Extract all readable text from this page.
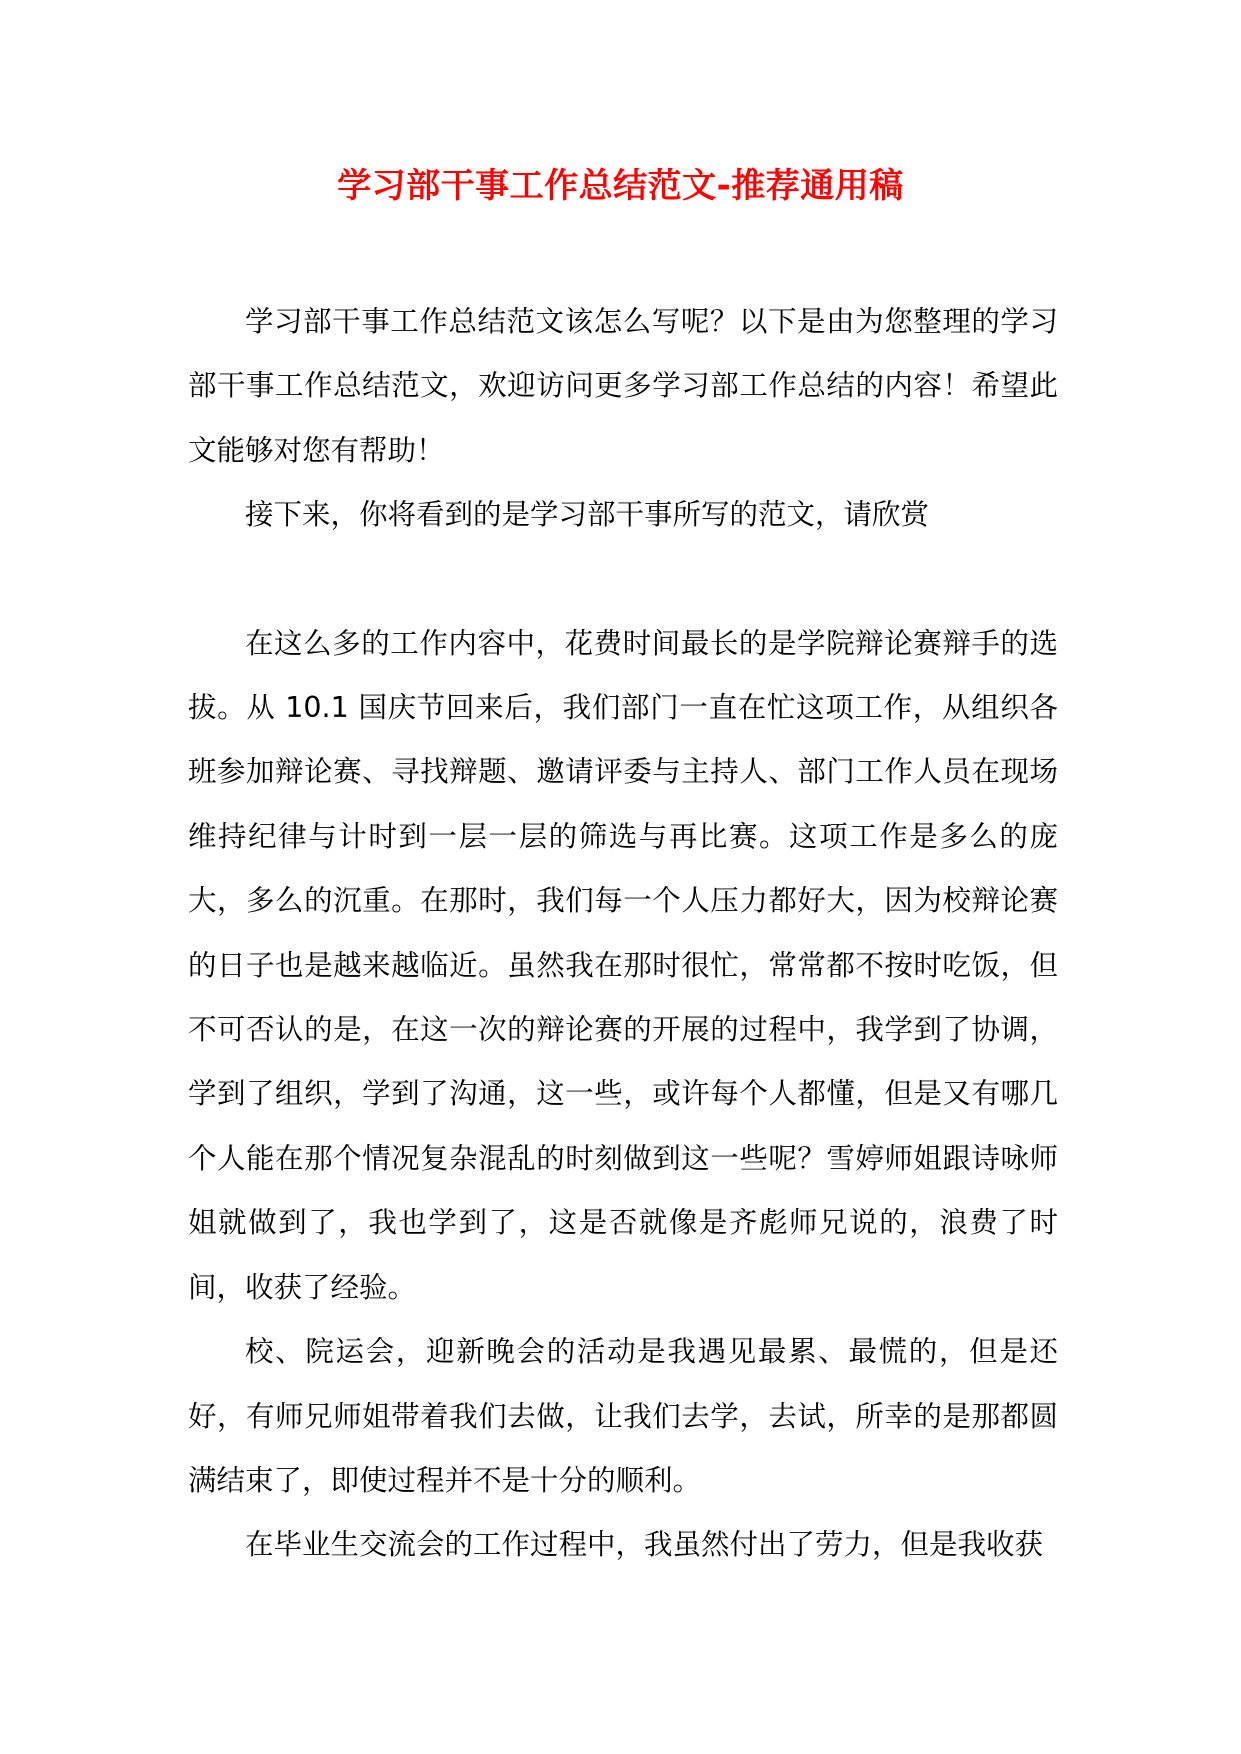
学习部干事工作总结范文-推荐通用稿

学习部干事工作总结范文该怎么写呢？以下是由为您整理的学习部干事工作总结范文，欢迎访问更多学习部工作总结的内容！希望此文能够对您有帮助！

接下来，你将看到的是学习部干事所写的范文，请欣赏

在这么多的工作内容中，花费时间最长的是学院辩论赛辩手的选拔。从 10.1 国庆节回来后，我们部门一直在忙这项工作，从组织各班参加辩论赛、寻找辩题、邀请评委与主持人、部门工作人员在现场维持纪律与计时到一层一层的筛选与再比赛。这项工作是多么的庞大，多么的沉重。在那时，我们每一个人压力都好大，因为校辩论赛的日子也是越来越临近。虽然我在那时很忙，常常都不按时吃饭，但不可否认的是，在这一次的辩论赛的开展的过程中，我学到了协调，学到了组织，学到了沟通，这一些，或许每个人都懂，但是又有哪几个人能在那个情况复杂混乱的时刻做到这一些呢？雪婷师姐跟诗咏师姐就做到了，我也学到了，这是否就像是齐彪师兄说的，浪费了时间，收获了经验。

校、院运会，迎新晚会的活动是我遇见最累、最慌的，但是还好，有师兄师姐带着我们去做，让我们去学，去试，所幸的是那都圆满结束了，即使过程并不是十分的顺利。

在毕业生交流会的工作过程中，我虽然付出了劳力，但是我收获
